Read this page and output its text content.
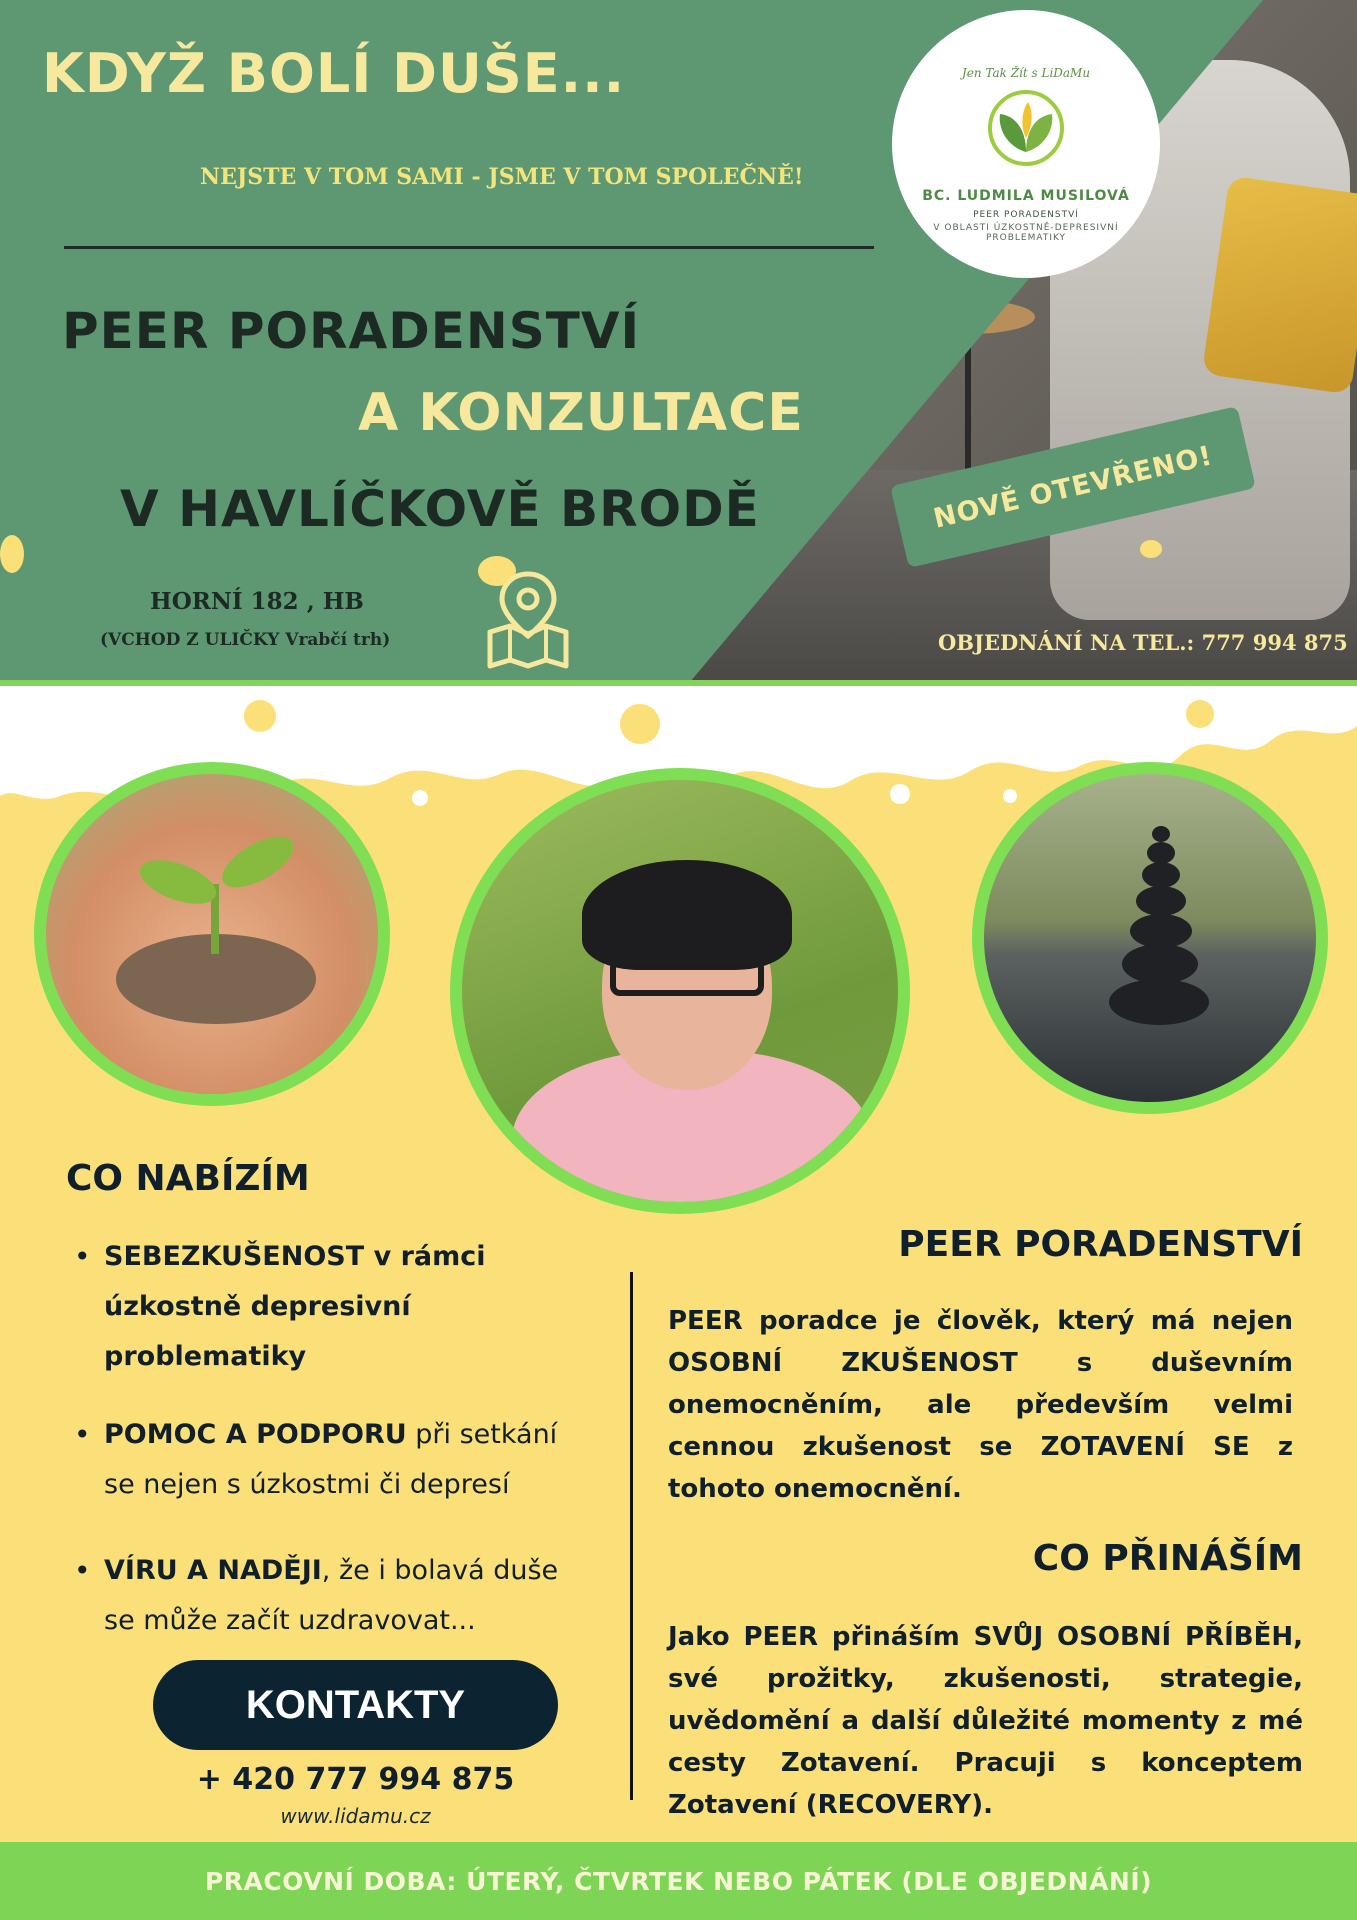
KDYŽ BOLÍ DUŠE...
NEJSTE V TOM SAMI - JSME V TOM SPOLEČNĚ!
PEER PORADENSTVÍ
A KONZULTACE
V HAVLÍČKOVĚ BRODĚ
HORNÍ 182 , HB
(VCHOD Z ULIČKY Vrabčí trh)
Jen Tak Žít s LiDaMu
BC. LUDMILA MUSILOVÁ
PEER PORADENSTVÍ
V OBLASTI ÚZKOSTNĚ-DEPRESIVNÍ PROBLEMATIKY
NOVĚ OTEVŘENO!
OBJEDNÁNÍ NA TEL.: 777 994 875
CO NABÍZÍM
• SEBEZKUŠENOST v rámci úzkostně depresivní problematiky
• POMOC A PODPORU při setkání se nejen s úzkostmi či depresí
• VÍRU A NADĚJI, že i bolavá duše se může začít uzdravovat...
KONTAKTY
+ 420 777 994 875
www.lidamu.cz
PEER PORADENSTVÍ
PEER poradce je člověk, který má nejen OSOBNÍ ZKUŠENOST s duševním onemocněním, ale především velmi cennou zkušenost se ZOTAVENÍ SE z tohoto onemocnění.
CO PŘINÁŠÍM
Jako PEER přináším SVŮJ OSOBNÍ PŘÍBĚH, své prožitky, zkušenosti, strategie, uvědomění a další důležité momenty z mé cesty Zotavení. Pracuji s konceptem Zotavení (RECOVERY).
PRACOVNÍ DOBA: ÚTERÝ, ČTVRTEK NEBO PÁTEK (DLE OBJEDNÁNÍ)
